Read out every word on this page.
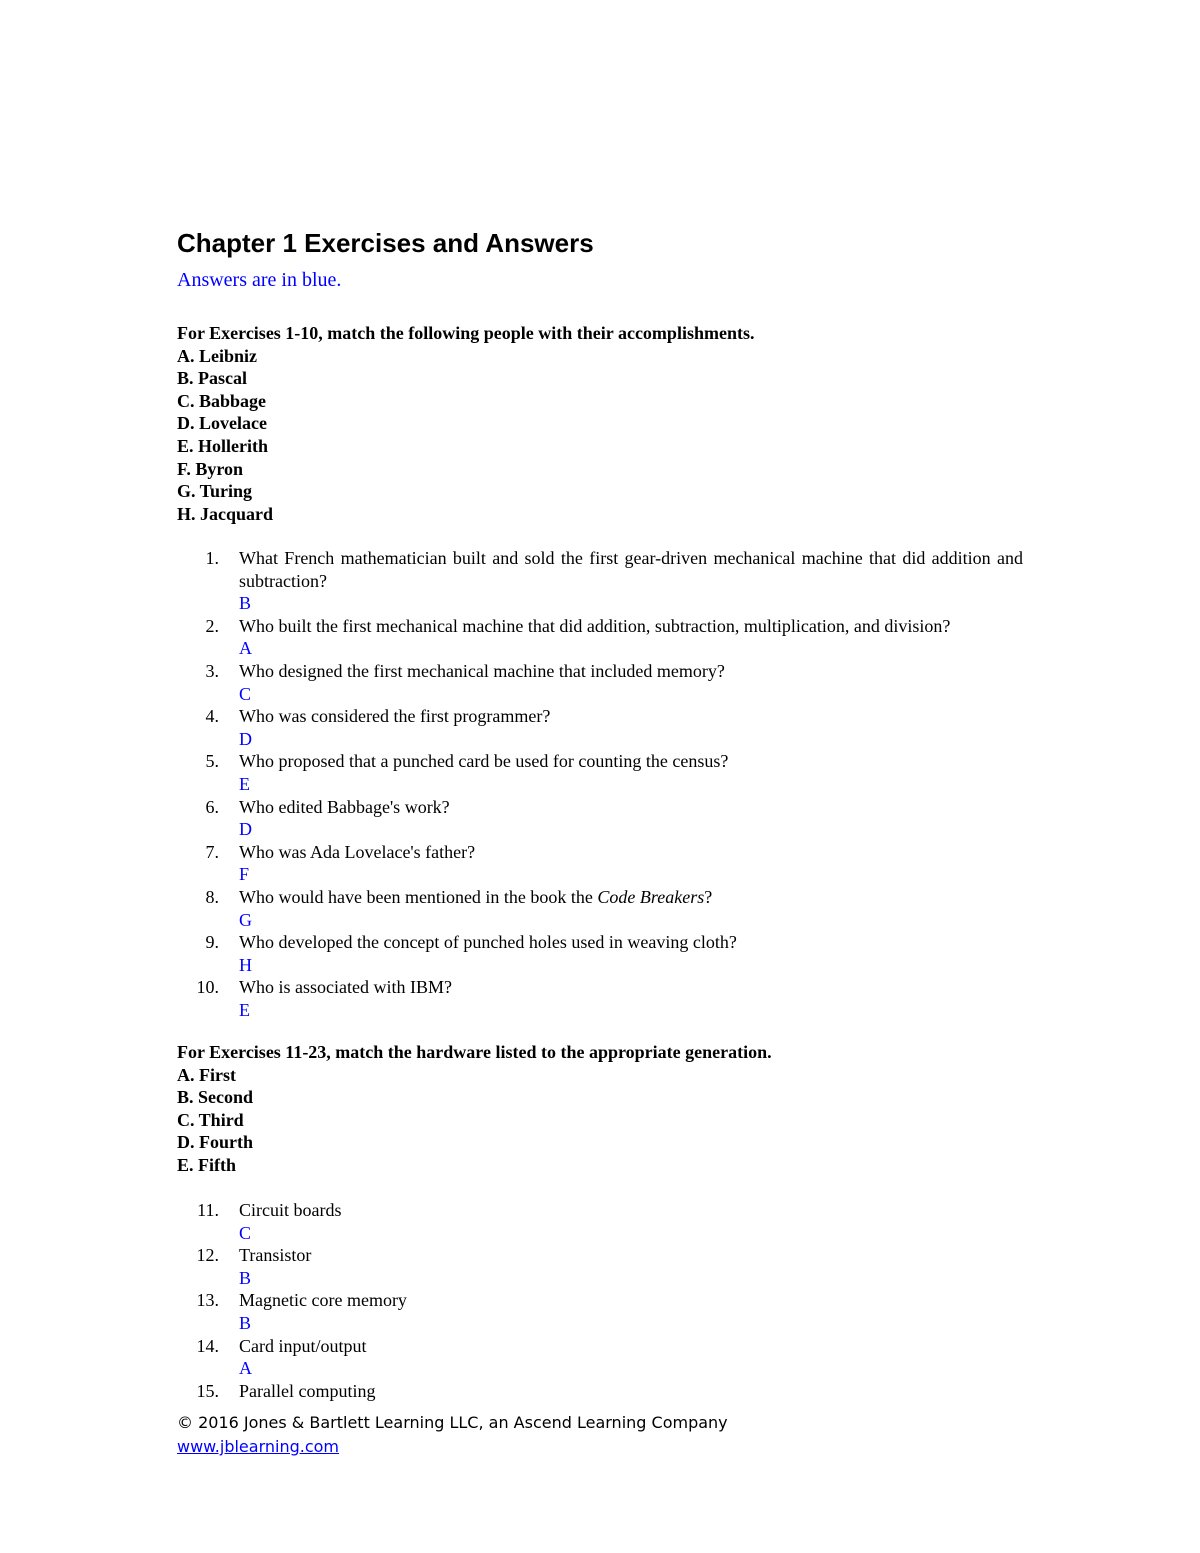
Chapter 1 Exercises and Answers
Answers are in blue.
For Exercises 1-10, match the following people with their accomplishments.
A. Leibniz
B. Pascal
C. Babbage
D. Lovelace
E. Hollerith
F. Byron
G. Turing
H. Jacquard
1. What French mathematician built and sold the first gear-driven mechanical machine that did addition and subtraction?
B
2. Who built the first mechanical machine that did addition, subtraction, multiplication, and division?
A
3. Who designed the first mechanical machine that included memory?
C
4. Who was considered the first programmer?
D
5. Who proposed that a punched card be used for counting the census?
E
6. Who edited Babbage's work?
D
7. Who was Ada Lovelace's father?
F
8. Who would have been mentioned in the book the Code Breakers?
G
9. Who developed the concept of punched holes used in weaving cloth?
H
10. Who is associated with IBM?
E
For Exercises 11-23, match the hardware listed to the appropriate generation.
A. First
B. Second
C. Third
D. Fourth
E. Fifth
11. Circuit boards
C
12. Transistor
B
13. Magnetic core memory
B
14. Card input/output
A
15. Parallel computing
© 2016 Jones & Bartlett Learning LLC, an Ascend Learning Company
www.jblearning.com
